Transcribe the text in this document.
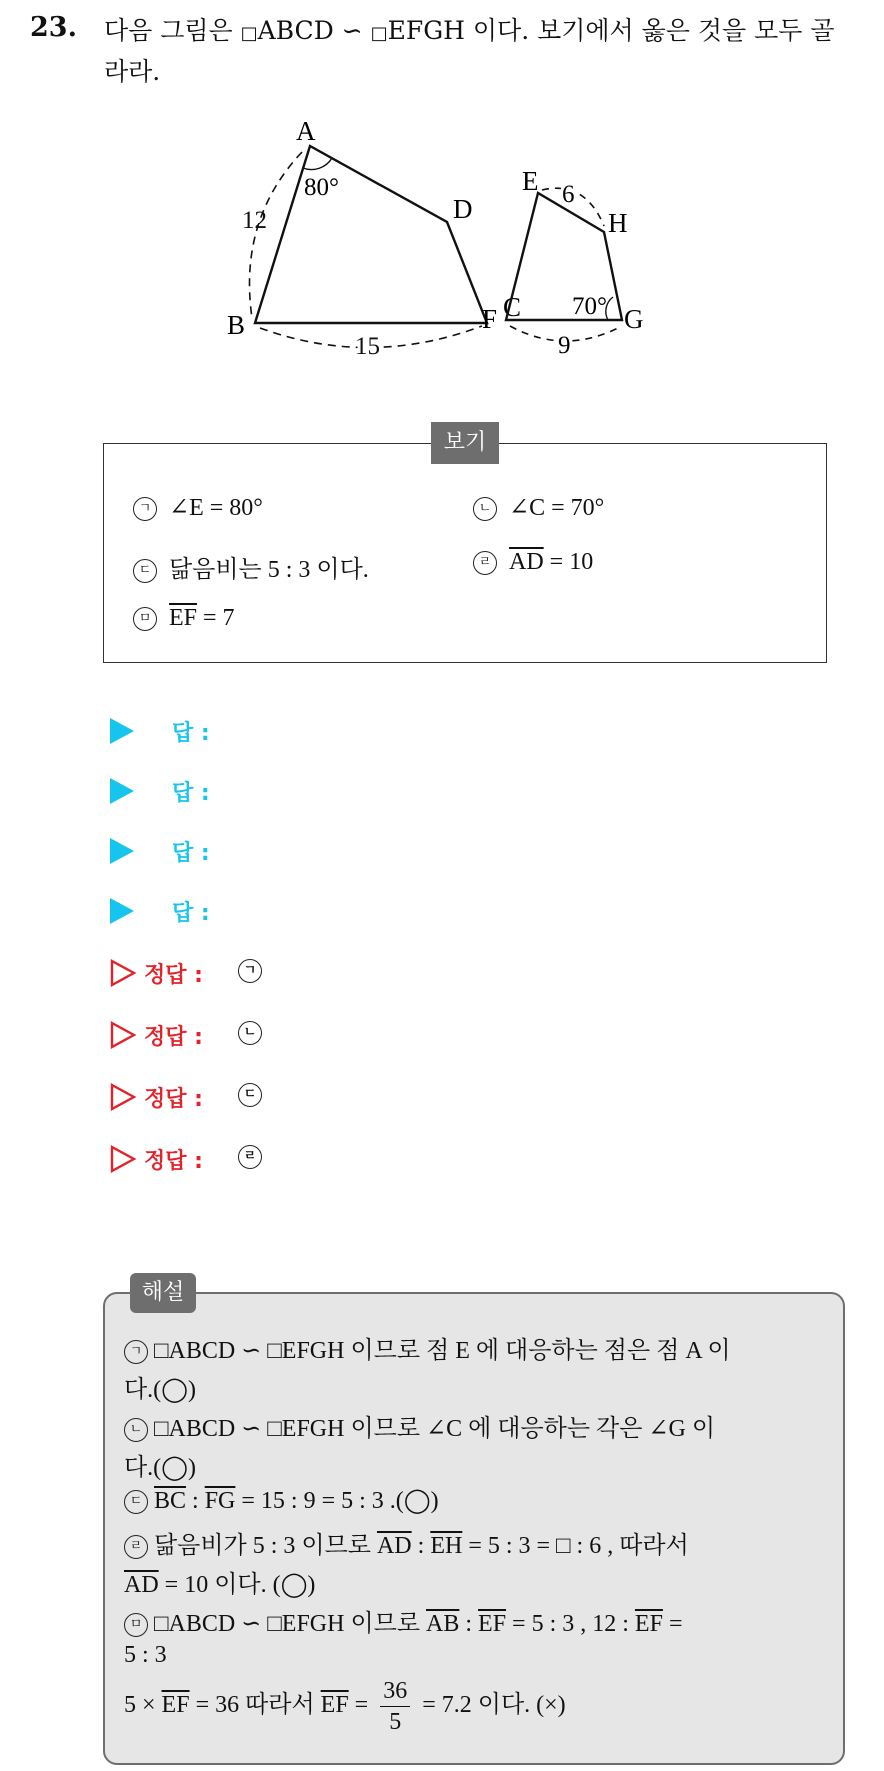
23. 다음 그림은 □ABCD ∽ □EFGH 이다. 보기에서 옳은 것을 모두 골
라라.
A
B
C
D
12
15
80°	E
F	G
H
6
9
70°
보기
ㄱ ∠E = 80°	ㄴ ∠C = 70°
ㄷ 닮음비는 5 : 3 이다.	ㄹ $\overline{AD} = 10$
ㅁ $\overline{EF} = 7$
답 :
답 :
답 :
답 :
정답 :	ㄱ
정답 :	ㄴ
정답 :	ㄷ
정답 :	ㄹ
해설
ㄱ □ABCD ∽ □EFGH 이므로 점 E 에 대응하는 점은 점 A 이
다.(◯)
ㄴ □ABCD ∽ □EFGH 이므로 ∠C 에 대응하는 각은 ∠G 이
다.(◯)
ㄷ $\overline{BC}$ : $\overline{FG} = 15$ : 9 = 5 : 3 .(◯)
ㄹ 닮음비가 5 : 3 이므로 $\overline{AD}$ : $\overline{EH} = 5$ : 3 = □ : 6 , 따라서
$\overline{AD} = 10$ 이다. (◯)
ㅁ □ABCD ∽ □EFGH 이므로 $\overline{AB}$ : $\overline{EF} = 5$ : 3 , 12 : $\overline{EF}$ =
5 : 3
$5 \times \overline{EF} = 36$ 따라서 $\overline{EF} = \frac{36}{5} = 7.2$ 이다. (×)
